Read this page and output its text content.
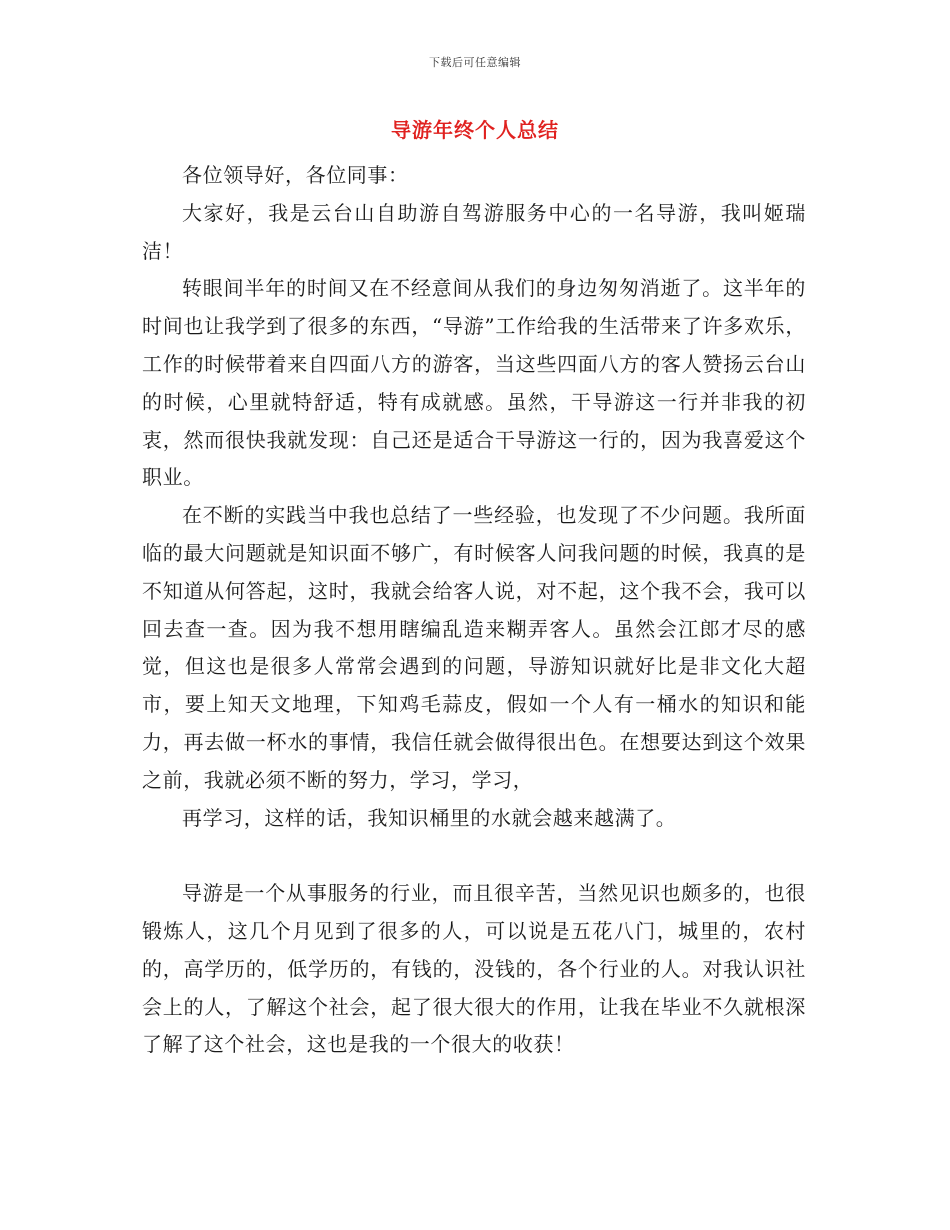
下载后可任意编辑
导游年终个人总结

各位领导好，各位同事：

大家好，我是云台山自助游自驾游服务中心的一名导游，我叫姬瑞洁！

转眼间半年的时间又在不经意间从我们的身边匆匆消逝了。这半年的时间也让我学到了很多的东西，“导游”工作给我的生活带来了许多欢乐，工作的时候带着来自四面八方的游客，当这些四面八方的客人赞扬云台山的时候，心里就特舒适，特有成就感。虽然，干导游这一行并非我的初衷，然而很快我就发现：自己还是适合干导游这一行的，因为我喜爱这个职业。

在不断的实践当中我也总结了一些经验，也发现了不少问题。我所面临的最大问题就是知识面不够广，有时候客人问我问题的时候，我真的是不知道从何答起，这时，我就会给客人说，对不起，这个我不会，我可以回去查一查。因为我不想用瞎编乱造来糊弄客人。虽然会江郎才尽的感觉，但这也是很多人常常会遇到的问题，导游知识就好比是非文化大超市，要上知天文地理，下知鸡毛蒜皮，假如一个人有一桶水的知识和能力，再去做一杯水的事情，我信任就会做得很出色。在想要达到这个效果之前，我就必须不断的努力，学习，学习，

再学习，这样的话，我知识桶里的水就会越来越满了。

导游是一个从事服务的行业，而且很辛苦，当然见识也颇多的，也很锻炼人，这几个月见到了很多的人，可以说是五花八门，城里的，农村的，高学历的，低学历的，有钱的，没钱的，各个行业的人。对我认识社会上的人，了解这个社会，起了很大很大的作用，让我在毕业不久就根深了解了这个社会，这也是我的一个很大的收获！
